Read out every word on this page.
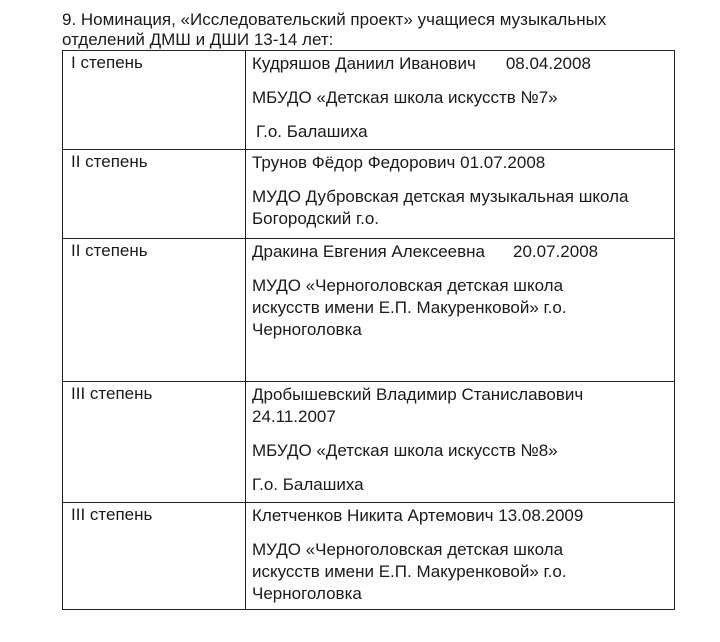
9. Номинация, «Исследовательский проект» учащиеся музыкальных
отделений ДМШ и ДШИ 13-14 лет:
I степень	Кудряшов Даниил Иванович 08.04.2008
МБУДО «Детская школа искусств №7»
Г.о. Балашиха

II степень	Трунов Фёдор Федорович 01.07.2008
МУДО Дубровская детская музыкальная школа Богородский г.о.

II степень	Дракина Евгения Алексеевна 20.07.2008
МУДО «Черноголовская детская школа искусств имени Е.П. Макуренковой» г.о. Черноголовка

III степень	Дробышевский Владимир Станиславович
24.11.2007
МБУДО «Детская школа искусств №8»
Г.о. Балашиха

III степень	Клетченков Никита Артемович 13.08.2009
МУДО «Черноголовская детская школа искусств имени Е.П. Макуренковой» г.о. Черноголовка
